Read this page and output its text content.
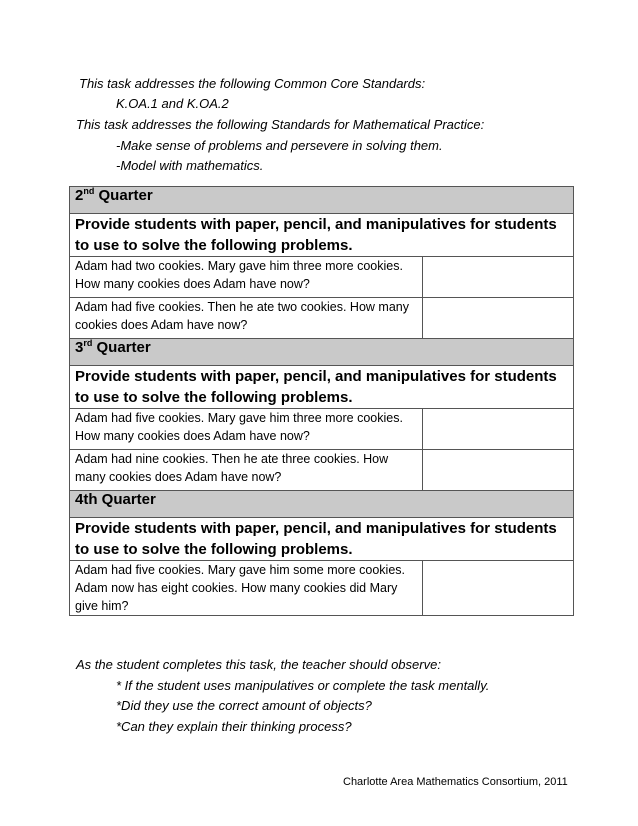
This task addresses the following Common Core Standards:
K.OA.1 and K.OA.2
This task addresses the following Standards for Mathematical Practice:
-Make sense of problems and persevere in solving them.
-Model with mathematics.
2nd Quarter	
Provide students with paper, pencil, and manipulatives for students to use to solve the following problems.	
Adam had two cookies. Mary gave him three more cookies. How many cookies does Adam have now?	
Adam had five cookies. Then he ate two cookies. How many cookies does Adam have now?	
3rd Quarter	
Provide students with paper, pencil, and manipulatives for students to use to solve the following problems.	
Adam had five cookies. Mary gave him three more cookies. How many cookies does Adam have now?	
Adam had nine cookies. Then he ate three cookies. How many cookies does Adam have now?	
4th Quarter	
Provide students with paper, pencil, and manipulatives for students to use to solve the following problems.	
Adam had five cookies. Mary gave him some more cookies. Adam now has eight cookies. How many cookies did Mary give him?	
As the student completes this task, the teacher should observe:
* If the student uses manipulatives or complete the task mentally.
*Did they use the correct amount of objects?
*Can they explain their thinking process?
Charlotte Area Mathematics Consortium, 2011
